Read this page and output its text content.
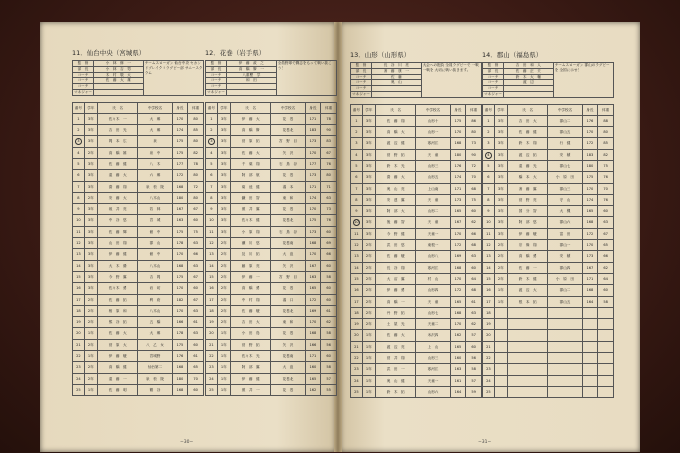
11．仙台中央（宮城県）
監　督	小　林　修　一	チームスローガン 仙台中央 セカンドブレイク ! ラグビー部 サニースクラム
部　長	小　林　吉　男	
コーチ	木　村　敬　大	
コーチ	佐　藤　大　雄	
コーチ		
マネジャー		
番号	学年	氏　名	中学校名	身長	体重
1	3年	佐々木　一	大　郷	170	80
2	3年	吉　田　光	大　郷	174	85
3	3年	岡　本　広	泉	175	80
4	2年	高　橋　雄	泉　中	175	82
5	3年	佐　藤　健	八　木	177	78
6	3年	遠　藤　大	六　郷	172	80
7	3年	齋　藤　翔	泉　松　陵	168	72
8	2年	安　藤　大	八木山	180	80
9	3年	坂　井　亮	若　林	167	67
10	3年	中　谷　悠	宮　城	163	60
11	3年	佐　藤　輝	館　中	175	75
12	3年	山　田　翔	郡　山	178	63
13	3年	伊　藤　健	館　中	170	66
14	3年	大　木　優	八木山	168	63
15	3年	今　野　翼	吉　岡	175	67
16	3年	佐々木　勇	岩　切	170	60
17	2年	佐　藤　拓	利　府	182	67
18	2年	相　原　和	八木山	170	63
19	2年	熊　谷　拓	五　橋	166	61
20	1年	佐　藤　大	大　郷	178	63
21	2年	菅　原　大	八　乙　女	175	60
22	1年	伊　藤　駿	宮城野	176	61
23	2年	高　橋　健	仙台第二	168	65
24	2年	遠　藤　一	泉　松　陵	180	70
25	1年	佐　藤　明	鶴　谷	168	60
12．花巻（岩手県）
監　督	伊　藤　政　之	全員野球で闘志をもって戦い抜こう！
部　長	高　橋　賢　一	
コーチ	八重樫　学	
コーチ	和　田　　	
コーチ		
マネジャー		
番号	学年	氏　名	中学校名	身長	体重
1	3年	伊　藤　大	花　巻	171	78
2	3年	高　橋　賢	花巻北	183	90
3	3年	菅　原　拓	宮　野　目	173	83
4	3年	佐　藤　大	矢　沢	170	67
5	3年	千　葉　翔	石　鳥　谷	177	76
6	3年	阿　部　航	花　巻	173	80
7	3年	菊　池　健	湯　本	171	71
8	3年	鎌　田　智	東　和	174	63
9	3年	照　井　翼	花　巻	170	73
10	3年	佐々木　健	花巻北	175	76
11	3年	小　原　翔	石　鳥　谷	173	60
12	2年	瀬　川　悠	花巻南	168	69
13	2年	及　川　拓	大　迫	170	66
14	2年	藤　原　亮	矢　沢	167	60
15	2年	伊　藤　一	宮　野　目	163	58
16	2年	高　橋　勇	花　巻	165	60
17	2年	中　村　翔	湯　口	172	60
18	2年	佐　藤　駿	花巻北	169	61
19	2年	吉　田　大	東　和	170	62
20	1年	小　田　島	花　巻	168	58
21	1年	菅　野　拓	矢　沢	166	56
22	1年	佐々木　光	花巻南	171	60
23	1年	阿　部　翼	大　迫	160	58
24	1年	伊　藤　健	花巻北	165	57
25	1年	照　井　一	花　巻	162	55
13．山形（山形県）
監　督	長　谷　川　亮	大会への抱負 全員ラグビーで 一戦一戦を 大切に戦い抜きます。
部　長	斎　藤　康　一	
コーチ	佐　藤　　	
コーチ	奥　山　　	
コーチ		
マネジャー		
番号	学年	氏　名	中学校名	身長	体重
1	3年	佐　藤　翔	山形十	175	86
2	3年	高　橋　大	山形一	170	80
3	3年	渡　辺　健	寒河江	168	73
4	3年	菅　野　拓	天　童	180	90
5	3年	鈴　木　光	山形三	176	72
6	3年	齋　藤　大	山形五	174	70
7	3年	奥　山　亮	上山南	171	68
8	3年	安　達　翼	天　童	173	75
9	3年	阿　部　大	山形二	165	60
10	3年	後　藤　智	天　童	167	62
11	3年	今　野　健	天童一	170	66
12	2年	武　田　悠	東根一	172	68
13	2年	佐　藤　駿	山形八	169	63
14	2年	長　谷　翔	寒河江	168	60
15	2年	大　沼　翼	村　山	170	64
16	2年	伊　藤　勇	山形四	172	68
17	2年	高　橋　一	天　童	165	61
18	2年	丹　野　拓	山形七	168	63
19	2年	土　屋　光	天童二	170	62
20	1年	佐　藤　大	米沢四	162	57
21	1年	渡　辺　亮	上　山	165	60
22	1年	菅　井　翔	山形三	160	56
23	1年	武　田　一	寒河江	163	58
24	1年	奥　山　健	天童一	161	57
25	1年	鈴　木　拓	山形六	164	59
14．郡山（福島県）
監　督	吉　田　和　人	チームスローガン 郡山のラグビーを 全国に示せ！
部　長	佐　藤　正　夫	
コーチ	鈴　木　大　輔	
コーチ	渡　辺　　	
コーチ		
マネジャー		
番号	学年	氏　名	中学校名	身長	体重
1	3年	吉　田　大	郡山二	176	88
2	3年	佐　藤　健	郡山五	170	80
3	3年	鈴　木　翔	行　健	172	85
4	3年	渡　辺　拓	安　積	183	82
5	3年	遠　藤　光	郡山七	180	75
6	3年	橋　本　大	小　原　田	175	76
7	3年	斎　藤　翼	郡山三	170	70
8	3年	菅　野　亮	守　山	174	76
9	3年	国　分　智	大　槻	165	60
10	3年	阿　部　悠	郡山六	168	63
11	3年	伊　藤　駿	富　田	172	67
12	2年	宗　像　翔	郡山一	170	65
13	2年	高　橋　勇	安　積	173	66
14	2年	佐　藤　一	郡山四	167	62
15	2年	鈴　木　健	小　原　田	171	64
16	1年	渡　辺　大	郡山二	168	60
17	1年	根　本　拓	郡山五	164	58
18					
19					
20					
21					
22					
23					
24					
25					
−30−	−31−
